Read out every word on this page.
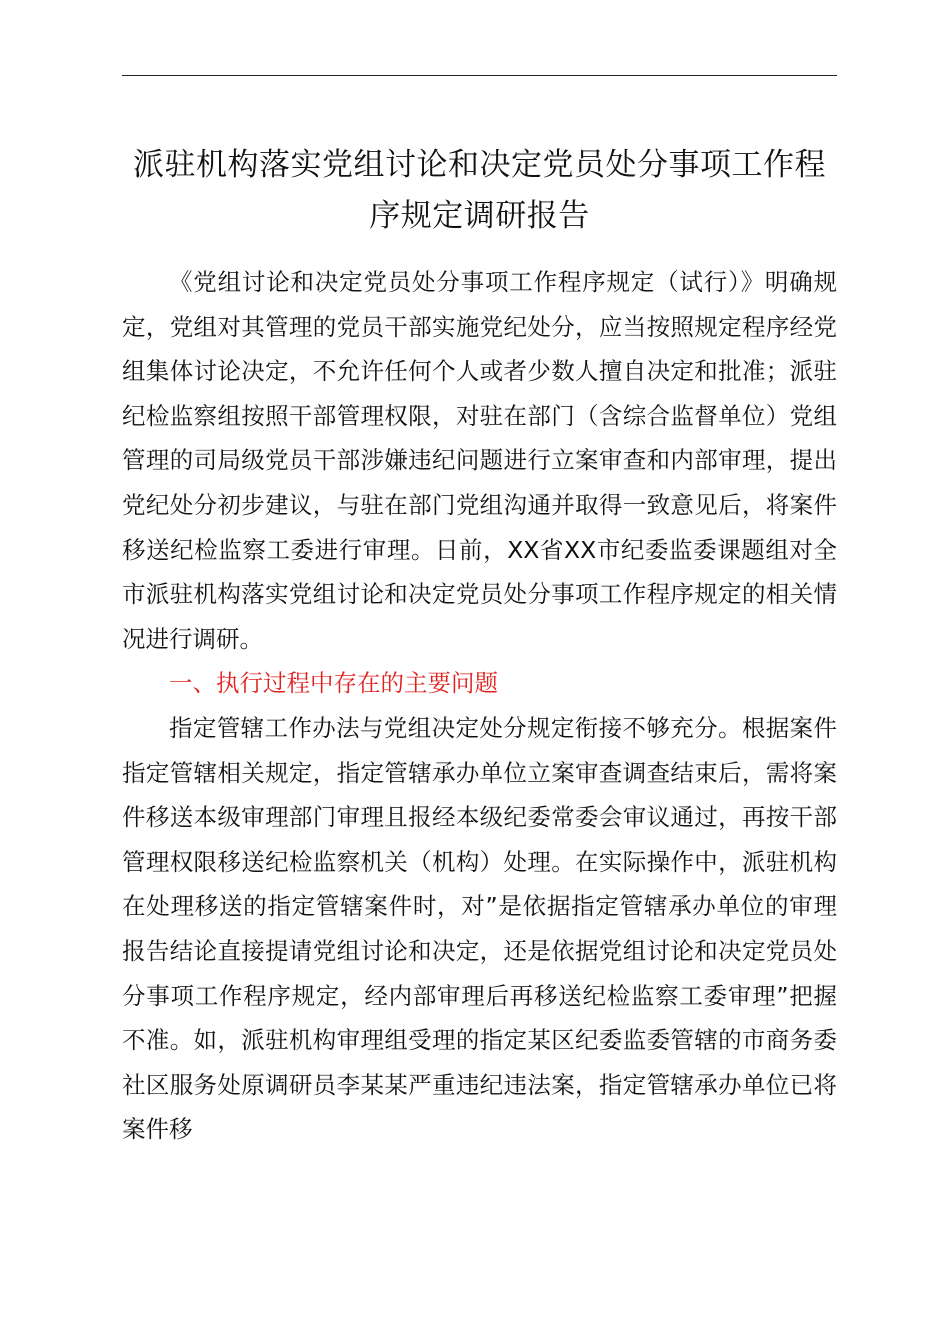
派驻机构落实党组讨论和决定党员处分事项工作程序规定调研报告

《党组讨论和决定党员处分事项工作程序规定（试行）》明确规定，党组对其管理的党员干部实施党纪处分，应当按照规定程序经党组集体讨论决定，不允许任何个人或者少数人擅自决定和批准；派驻纪检监察组按照干部管理权限，对驻在部门（含综合监督单位）党组管理的司局级党员干部涉嫌违纪问题进行立案审查和内部审理，提出党纪处分初步建议，与驻在部门党组沟通并取得一致意见后，将案件移送纪检监察工委进行审理。日前，XX省XX市纪委监委课题组对全市派驻机构落实党组讨论和决定党员处分事项工作程序规定的相关情况进行调研。

一、执行过程中存在的主要问题

指定管辖工作办法与党组决定处分规定衔接不够充分。根据案件指定管辖相关规定，指定管辖承办单位立案审查调查结束后，需将案件移送本级审理部门审理且报经本级纪委常委会审议通过，再按干部管理权限移送纪检监察机关（机构）处理。在实际操作中，派驻机构在处理移送的指定管辖案件时，对”是依据指定管辖承办单位的审理报告结论直接提请党组讨论和决定，还是依据党组讨论和决定党员处分事项工作程序规定，经内部审理后再移送纪检监察工委审理”把握不准。如，派驻机构审理组受理的指定某区纪委监委管辖的市商务委社区服务处原调研员李某某严重违纪违法案，指定管辖承办单位已将案件移
